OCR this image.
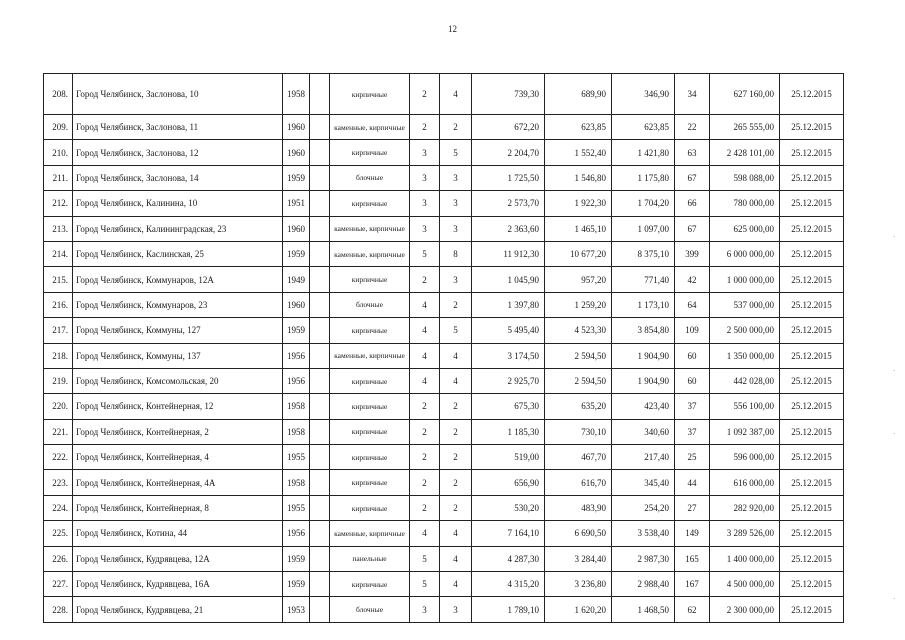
12
208.	Город Челябинск, Заслонова, 10	1958		кирпичные	2	4	739,30	689,90	346,90	34	627 160,00	25.12.2015
209.	Город Челябинск, Заслонова, 11	1960		каменные, кирпичные	2	2	672,20	623,85	623,85	22	265 555,00	25.12.2015
210.	Город Челябинск, Заслонова, 12	1960		кирпичные	3	5	2 204,70	1 552,40	1 421,80	63	2 428 101,00	25.12.2015
211.	Город Челябинск, Заслонова, 14	1959		блочные	3	3	1 725,50	1 546,80	1 175,80	67	598 088,00	25.12.2015
212.	Город Челябинск, Калинина, 10	1951		кирпичные	3	3	2 573,70	1 922,30	1 704,20	66	780 000,00	25.12.2015
213.	Город Челябинск, Калининградская, 23	1960		каменные, кирпичные	3	3	2 363,60	1 465,10	1 097,00	67	625 000,00	25.12.2015
214.	Город Челябинск, Каслинская, 25	1959		каменные, кирпичные	5	8	11 912,30	10 677,20	8 375,10	399	6 000 000,00	25.12.2015
215.	Город Челябинск, Коммунаров, 12А	1949		кирпичные	2	3	1 045,90	957,20	771,40	42	1 000 000,00	25.12.2015
216.	Город Челябинск, Коммунаров, 23	1960		блочные	4	2	1 397,80	1 259,20	1 173,10	64	537 000,00	25.12.2015
217.	Город Челябинск, Коммуны, 127	1959		кирпичные	4	5	5 495,40	4 523,30	3 854,80	109	2 500 000,00	25.12.2015
218.	Город Челябинск, Коммуны, 137	1956		каменные, кирпичные	4	4	3 174,50	2 594,50	1 904,90	60	1 350 000,00	25.12.2015
219.	Город Челябинск, Комсомольская, 20	1956		кирпичные	4	4	2 925,70	2 594,50	1 904,90	60	442 028,00	25.12.2015
220.	Город Челябинск, Контейнерная, 12	1958		кирпичные	2	2	675,30	635,20	423,40	37	556 100,00	25.12.2015
221.	Город Челябинск, Контейнерная, 2	1958		кирпичные	2	2	1 185,30	730,10	340,60	37	1 092 387,00	25.12.2015
222.	Город Челябинск, Контейнерная, 4	1955		кирпичные	2	2	519,00	467,70	217,40	25	596 000,00	25.12.2015
223.	Город Челябинск, Контейнерная, 4А	1958		кирпичные	2	2	656,90	616,70	345,40	44	616 000,00	25.12.2015
224.	Город Челябинск, Контейнерная, 8	1955		кирпичные	2	2	530,20	483,90	254,20	27	282 920,00	25.12.2015
225.	Город Челябинск, Котина, 44	1956		каменные, кирпичные	4	4	7 164,10	6 690,50	3 538,40	149	3 289 526,00	25.12.2015
226.	Город Челябинск, Кудрявцева, 12А	1959		панельные	5	4	4 287,30	3 284,40	2 987,30	165	1 400 000,00	25.12.2015
227.	Город Челябинск, Кудрявцева, 16А	1959		кирпичные	5	4	4 315,20	3 236,80	2 988,40	167	4 500 000,00	25.12.2015
228.	Город Челябинск, Кудрявцева, 21	1953		блочные	3	3	1 789,10	1 620,20	1 468,50	62	2 300 000,00	25.12.2015
·
·
·
·
